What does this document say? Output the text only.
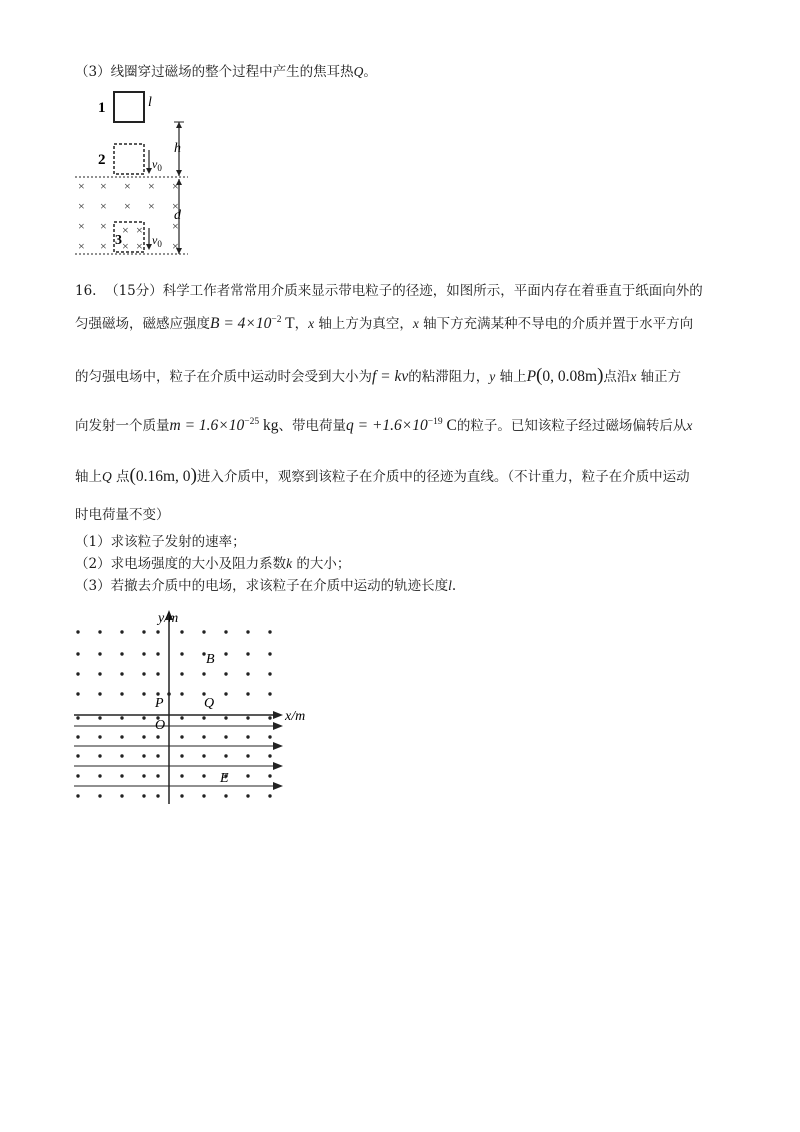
（3）线圈穿过磁场的整个过程中产生的焦耳热Q。
1	l
2	$v_0$
h
d
× × × × ×
× × × × ×
× ×	×
× ×	×
×
×
×
×
3	$v_0$
16. （15分）科学工作者常常用介质来显示带电粒子的径迹，如图所示，平面内存在着垂直于纸面向外的
匀强磁场，磁感应强度$B = 4\times 10^{-2}$ T，x 轴上方为真空，x 轴下方充满某种不导电的介质并置于水平方向
的匀强电场中，粒子在介质中运动时会受到大小为f = kv的粘滞阻力，y 轴上P(0, 0.08m)点沿x 轴正方
向发射一个质量$m = 1.6\times 10^{-25}$ kg、带电荷量$q = +1.6\times 10^{-19}$ C的粒子。已知该粒子经过磁场偏转后从x
轴上Q 点(0.16m, 0)进入介质中，观察到该粒子在介质中的径迹为直线。（不计重力，粒子在介质中运动
时电荷量不变）
（1）求该粒子发射的速率；
（2）求电场强度的大小及阻力系数k 的大小；
（3）若撤去介质中的电场，求该粒子在介质中运动的轨迹长度l.
y/m
x/m
B
P	Q
O
E
